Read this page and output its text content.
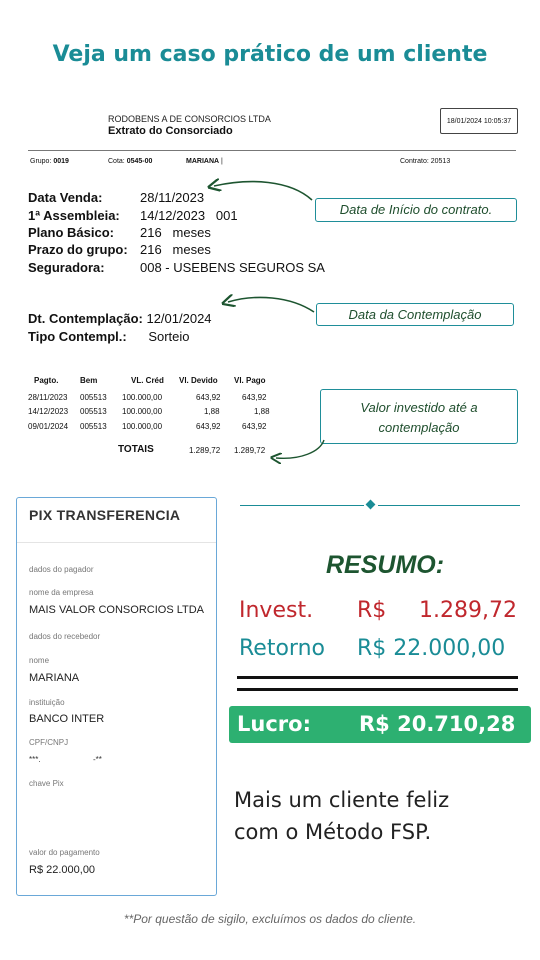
Veja um caso prático de um cliente
RODOBENS A DE CONSORCIOS LTDA
Extrato do Consorciado
18/01/2024 10:05:37
Grupo: 0019	Cota: 0545-00	MARIANA |	Contrato: 20513
Data Venda:	28/11/2023
1ª Assembleia: 14/12/2023   001
Plano Básico: 216   meses
Prazo do grupo: 216   meses
Seguradora:	008 - USEBENS SEGUROS SA
Dt. Contemplação: 12/01/2024
Tipo Contempl.: Sorteio
Pagto.	Bem	VL. Créd Vl. Devido Vl. Pago
28/11/2023 005513 100.000,00	643,92	643,92
14/12/2023 005513 100.000,00	1,88	1,88
09/01/2024 005513 100.000,00	643,92	643,92
TOTAIS	1.289,72 1.289,72
Data de Início do contrato.
Data da Contemplação
Valor investido até a
contemplação
PIX TRANSFERENCIA
dados do pagador
nome da empresa
MAIS VALOR CONSORCIOS LTDA
dados do recebedor
nome
MARIANA
instituição
BANCO INTER
CPF/CNPJ
***.	-**
chave Pix
valor do pagamento
R$ 22.000,00
RESUMO:
Invest. R$ 1.289,72
Retorno R$ 22.000,00
Lucro: R$ 20.710,28
Mais um cliente feliz
com o Método FSP.
**Por questão de sigilo, excluímos os dados do cliente.
